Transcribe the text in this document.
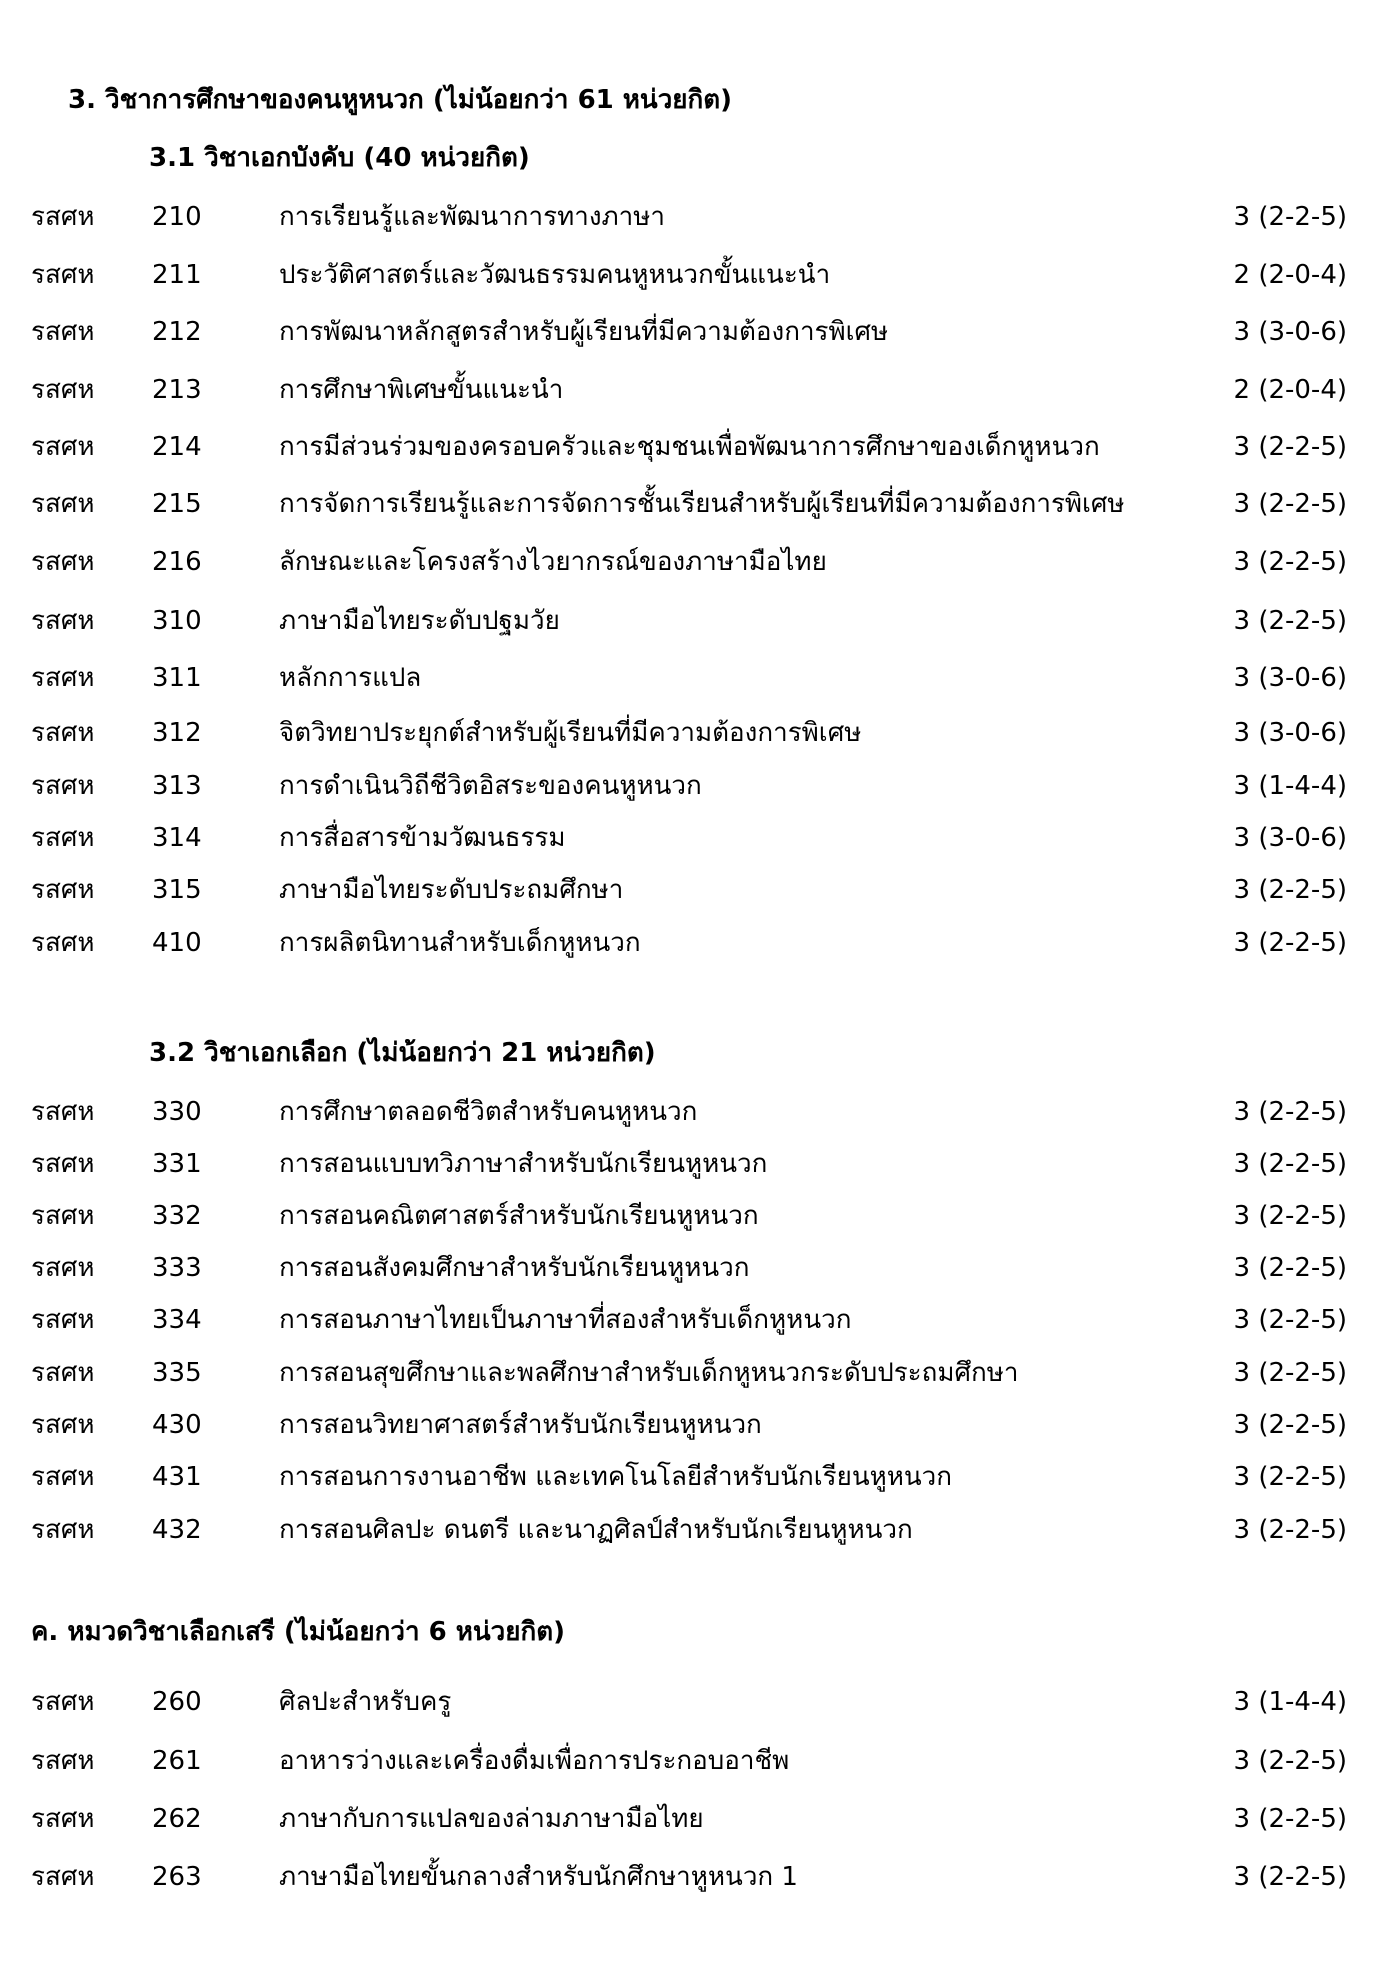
3. วิชาการศึกษาของคนหูหนวก (ไม่น้อยกว่า 61 หน่วยกิต)
3.1 วิชาเอกบังคับ (40 หน่วยกิต)
รสศห 210	การเรียนรู้และพัฒนาการทางภาษา	3 (2-2-5)
รสศห 211	ประวัติศาสตร์และวัฒนธรรมคนหูหนวกขั้นแนะนำ	2 (2-0-4)
รสศห 212	การพัฒนาหลักสูตรสำหรับผู้เรียนที่มีความต้องการพิเศษ	3 (3-0-6)
รสศห 213	การศึกษาพิเศษขั้นแนะนำ	2 (2-0-4)
รสศห 214	การมีส่วนร่วมของครอบครัวและชุมชนเพื่อพัฒนาการศึกษาของเด็กหูหนวก	3 (2-2-5)
รสศห 215	การจัดการเรียนรู้และการจัดการชั้นเรียนสำหรับผู้เรียนที่มีความต้องการพิเศษ	3 (2-2-5)
รสศห 216	ลักษณะและโครงสร้างไวยากรณ์ของภาษามือไทย	3 (2-2-5)
รสศห 310	ภาษามือไทยระดับปฐมวัย	3 (2-2-5)
รสศห 311	หลักการแปล	3 (3-0-6)
รสศห 312	จิตวิทยาประยุกต์สำหรับผู้เรียนที่มีความต้องการพิเศษ	3 (3-0-6)
รสศห 313	การดำเนินวิถีชีวิตอิสระของคนหูหนวก	3 (1-4-4)
รสศห 314	การสื่อสารข้ามวัฒนธรรม	3 (3-0-6)
รสศห 315	ภาษามือไทยระดับประถมศึกษา	3 (2-2-5)
รสศห 410	การผลิตนิทานสำหรับเด็กหูหนวก	3 (2-2-5)
3.2 วิชาเอกเลือก (ไม่น้อยกว่า 21 หน่วยกิต)
รสศห 330	การศึกษาตลอดชีวิตสำหรับคนหูหนวก	3 (2-2-5)
รสศห 331	การสอนแบบทวิภาษาสำหรับนักเรียนหูหนวก	3 (2-2-5)
รสศห 332	การสอนคณิตศาสตร์สำหรับนักเรียนหูหนวก	3 (2-2-5)
รสศห 333	การสอนสังคมศึกษาสำหรับนักเรียนหูหนวก	3 (2-2-5)
รสศห 334	การสอนภาษาไทยเป็นภาษาที่สองสำหรับเด็กหูหนวก	3 (2-2-5)
รสศห 335	การสอนสุขศึกษาและพลศึกษาสำหรับเด็กหูหนวกระดับประถมศึกษา	3 (2-2-5)
รสศห 430	การสอนวิทยาศาสตร์สำหรับนักเรียนหูหนวก	3 (2-2-5)
รสศห 431	การสอนการงานอาชีพ และเทคโนโลยีสำหรับนักเรียนหูหนวก	3 (2-2-5)
รสศห 432	การสอนศิลปะ ดนตรี และนาฏศิลป์สำหรับนักเรียนหูหนวก	3 (2-2-5)
ค. หมวดวิชาเลือกเสรี (ไม่น้อยกว่า 6 หน่วยกิต)
รสศห 260	ศิลปะสำหรับครู	3 (1-4-4)
รสศห 261	อาหารว่างและเครื่องดื่มเพื่อการประกอบอาชีพ	3 (2-2-5)
รสศห 262	ภาษากับการแปลของล่ามภาษามือไทย	3 (2-2-5)
รสศห 263	ภาษามือไทยขั้นกลางสำหรับนักศึกษาหูหนวก 1	3 (2-2-5)
